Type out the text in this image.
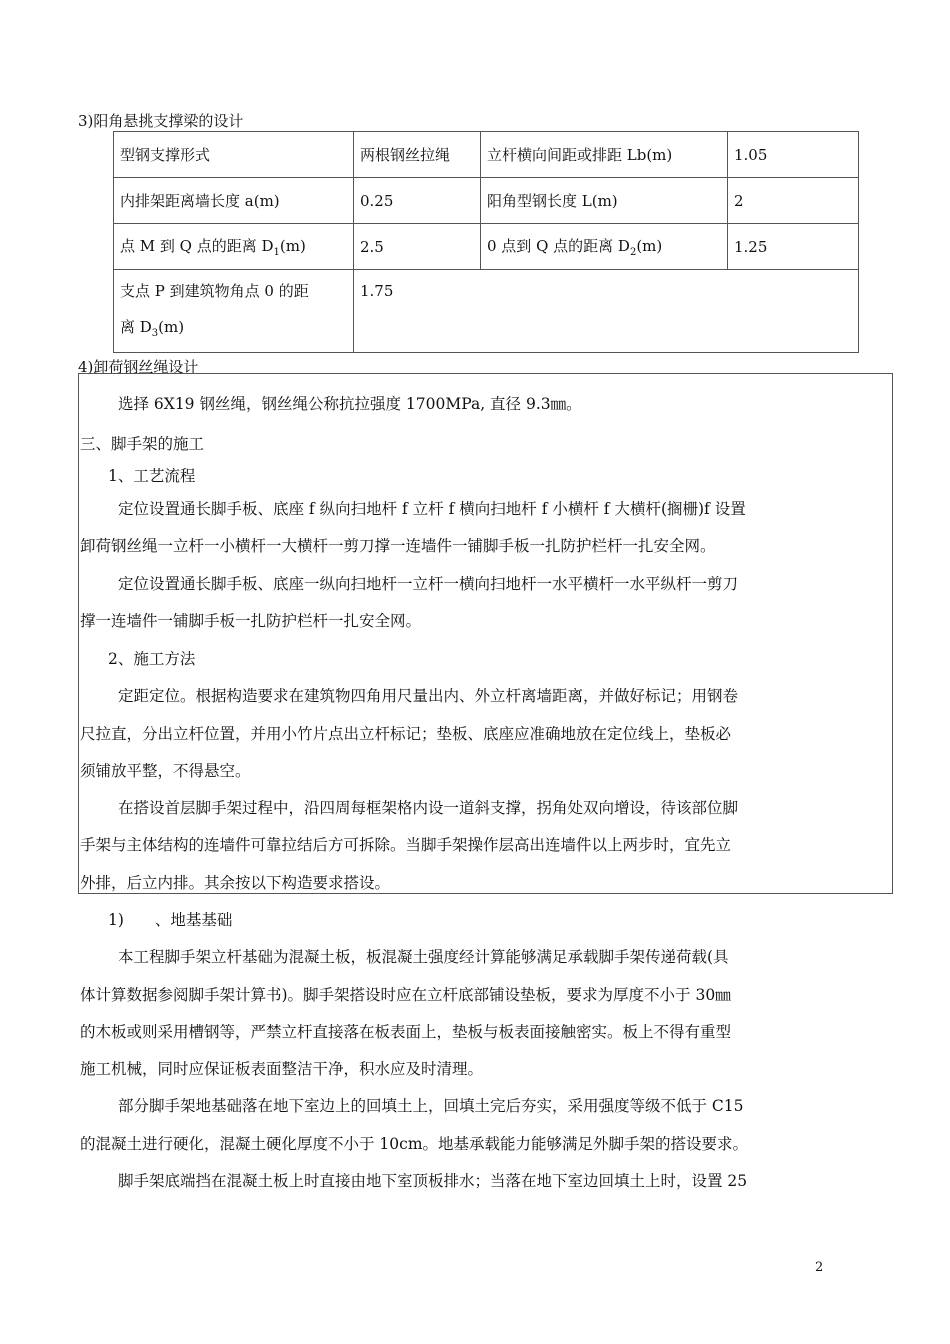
3)阳角悬挑支撑梁的设计
型钢支撑形式	两根钢丝拉绳	立杆横向间距或排距 Lb(m)	1.05
内排架距离墙长度 a(m)	0.25	阳角型钢长度 L(m)	2
点 M 到 Q 点的距离 $D_1(m)$	2.5	0 点到 Q 点的距离 $D_2(m)$	1.25
支点 P 到建筑物角点 0 的距
离 $D_3(m)$	1.75		
4)卸荷钢丝绳设计
选择 6X19 钢丝绳，钢丝绳公称抗拉强度 1700MPa, 直径 9.3㎜。
三、脚手架的施工
1、工艺流程
定位设置通长脚手板、底座 f 纵向扫地杆 f 立杆 f 横向扫地杆 f 小横杆 f 大横杆(搁栅)f 设置
卸荷钢丝绳一立杆一小横杆一大横杆一剪刀撑一连墙件一铺脚手板一扎防护栏杆一扎安全网。
定位设置通长脚手板、底座一纵向扫地杆一立杆一横向扫地杆一水平横杆一水平纵杆一剪刀
撑一连墙件一铺脚手板一扎防护栏杆一扎安全网。
2、施工方法
定距定位。根据构造要求在建筑物四角用尺量出内、外立杆离墙距离，并做好标记；用钢卷
尺拉直，分出立杆位置，并用小竹片点出立杆标记；垫板、底座应准确地放在定位线上，垫板必
须铺放平整，不得悬空。
在搭设首层脚手架过程中，沿四周每框架格内设一道斜支撑，拐角处双向增设，待该部位脚
手架与主体结构的连墙件可靠拉结后方可拆除。当脚手架操作层高出连墙件以上两步时，宜先立
外排，后立内排。其余按以下构造要求搭设。
1)　　、地基基础
本工程脚手架立杆基础为混凝土板，板混凝土强度经计算能够满足承载脚手架传递荷载(具
体计算数据参阅脚手架计算书)。脚手架搭设时应在立杆底部铺设垫板，要求为厚度不小于 30㎜
的木板或则采用槽钢等，严禁立杆直接落在板表面上，垫板与板表面接触密实。板上不得有重型
施工机械，同时应保证板表面整洁干净，积水应及时清理。
部分脚手架地基础落在地下室边上的回填土上，回填土完后夯实，采用强度等级不低于 C15
的混凝土进行硬化，混凝土硬化厚度不小于 10cm。地基承载能力能够满足外脚手架的搭设要求。
脚手架底端挡在混凝土板上时直接由地下室顶板排水；当落在地下室边回填土上时，设置 25
2
